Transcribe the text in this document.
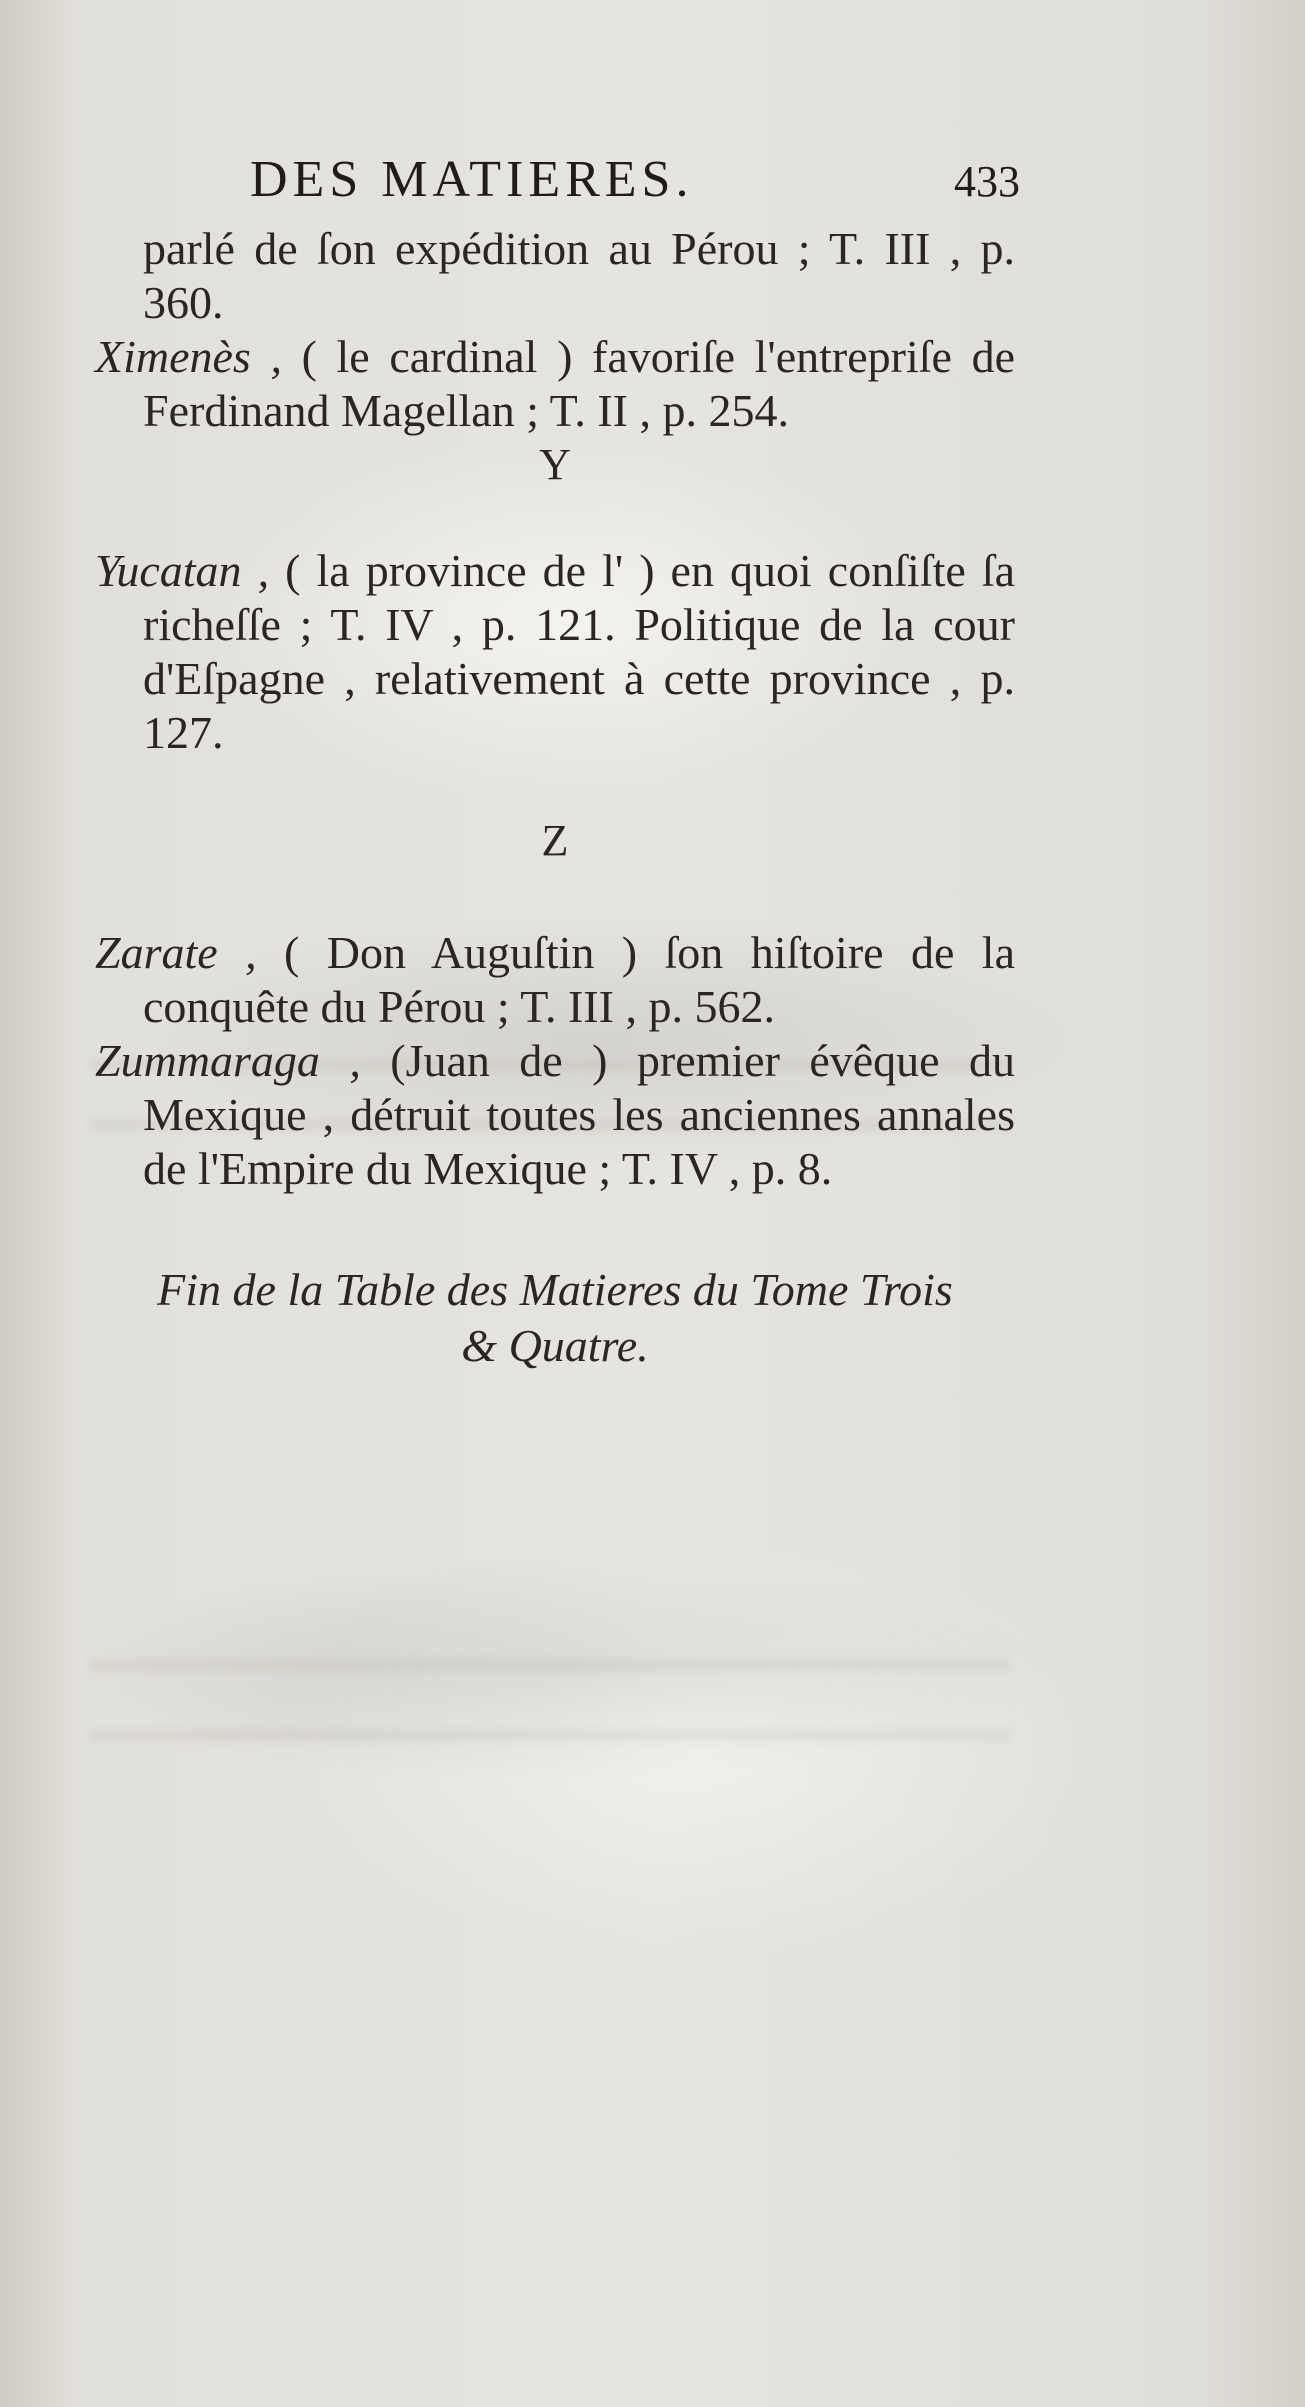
DES MATIERES.	433

parlé de ſon expédition au Pérou ; T. III , p. 360.

Ximenès , ( le cardinal ) favoriſe l'entrepriſe de Ferdinand Magellan ; T. II , p. 254.

Y

Yucatan , ( la province de l' ) en quoi conſiſte ſa richeſſe ; T. IV , p. 121. Politique de la cour d'Eſpagne , relativement à cette province , p. 127.

Z

Zarate , ( Don Auguſtin ) ſon hiſtoire de la conquête du Pérou ; T. III , p. 562.

Zummaraga , (Juan de ) premier évêque du Mexique , détruit toutes les anciennes annales de l'Empire du Mexique ; T. IV , p. 8.

Fin de la Table des Matieres du Tome Trois
& Quatre.
